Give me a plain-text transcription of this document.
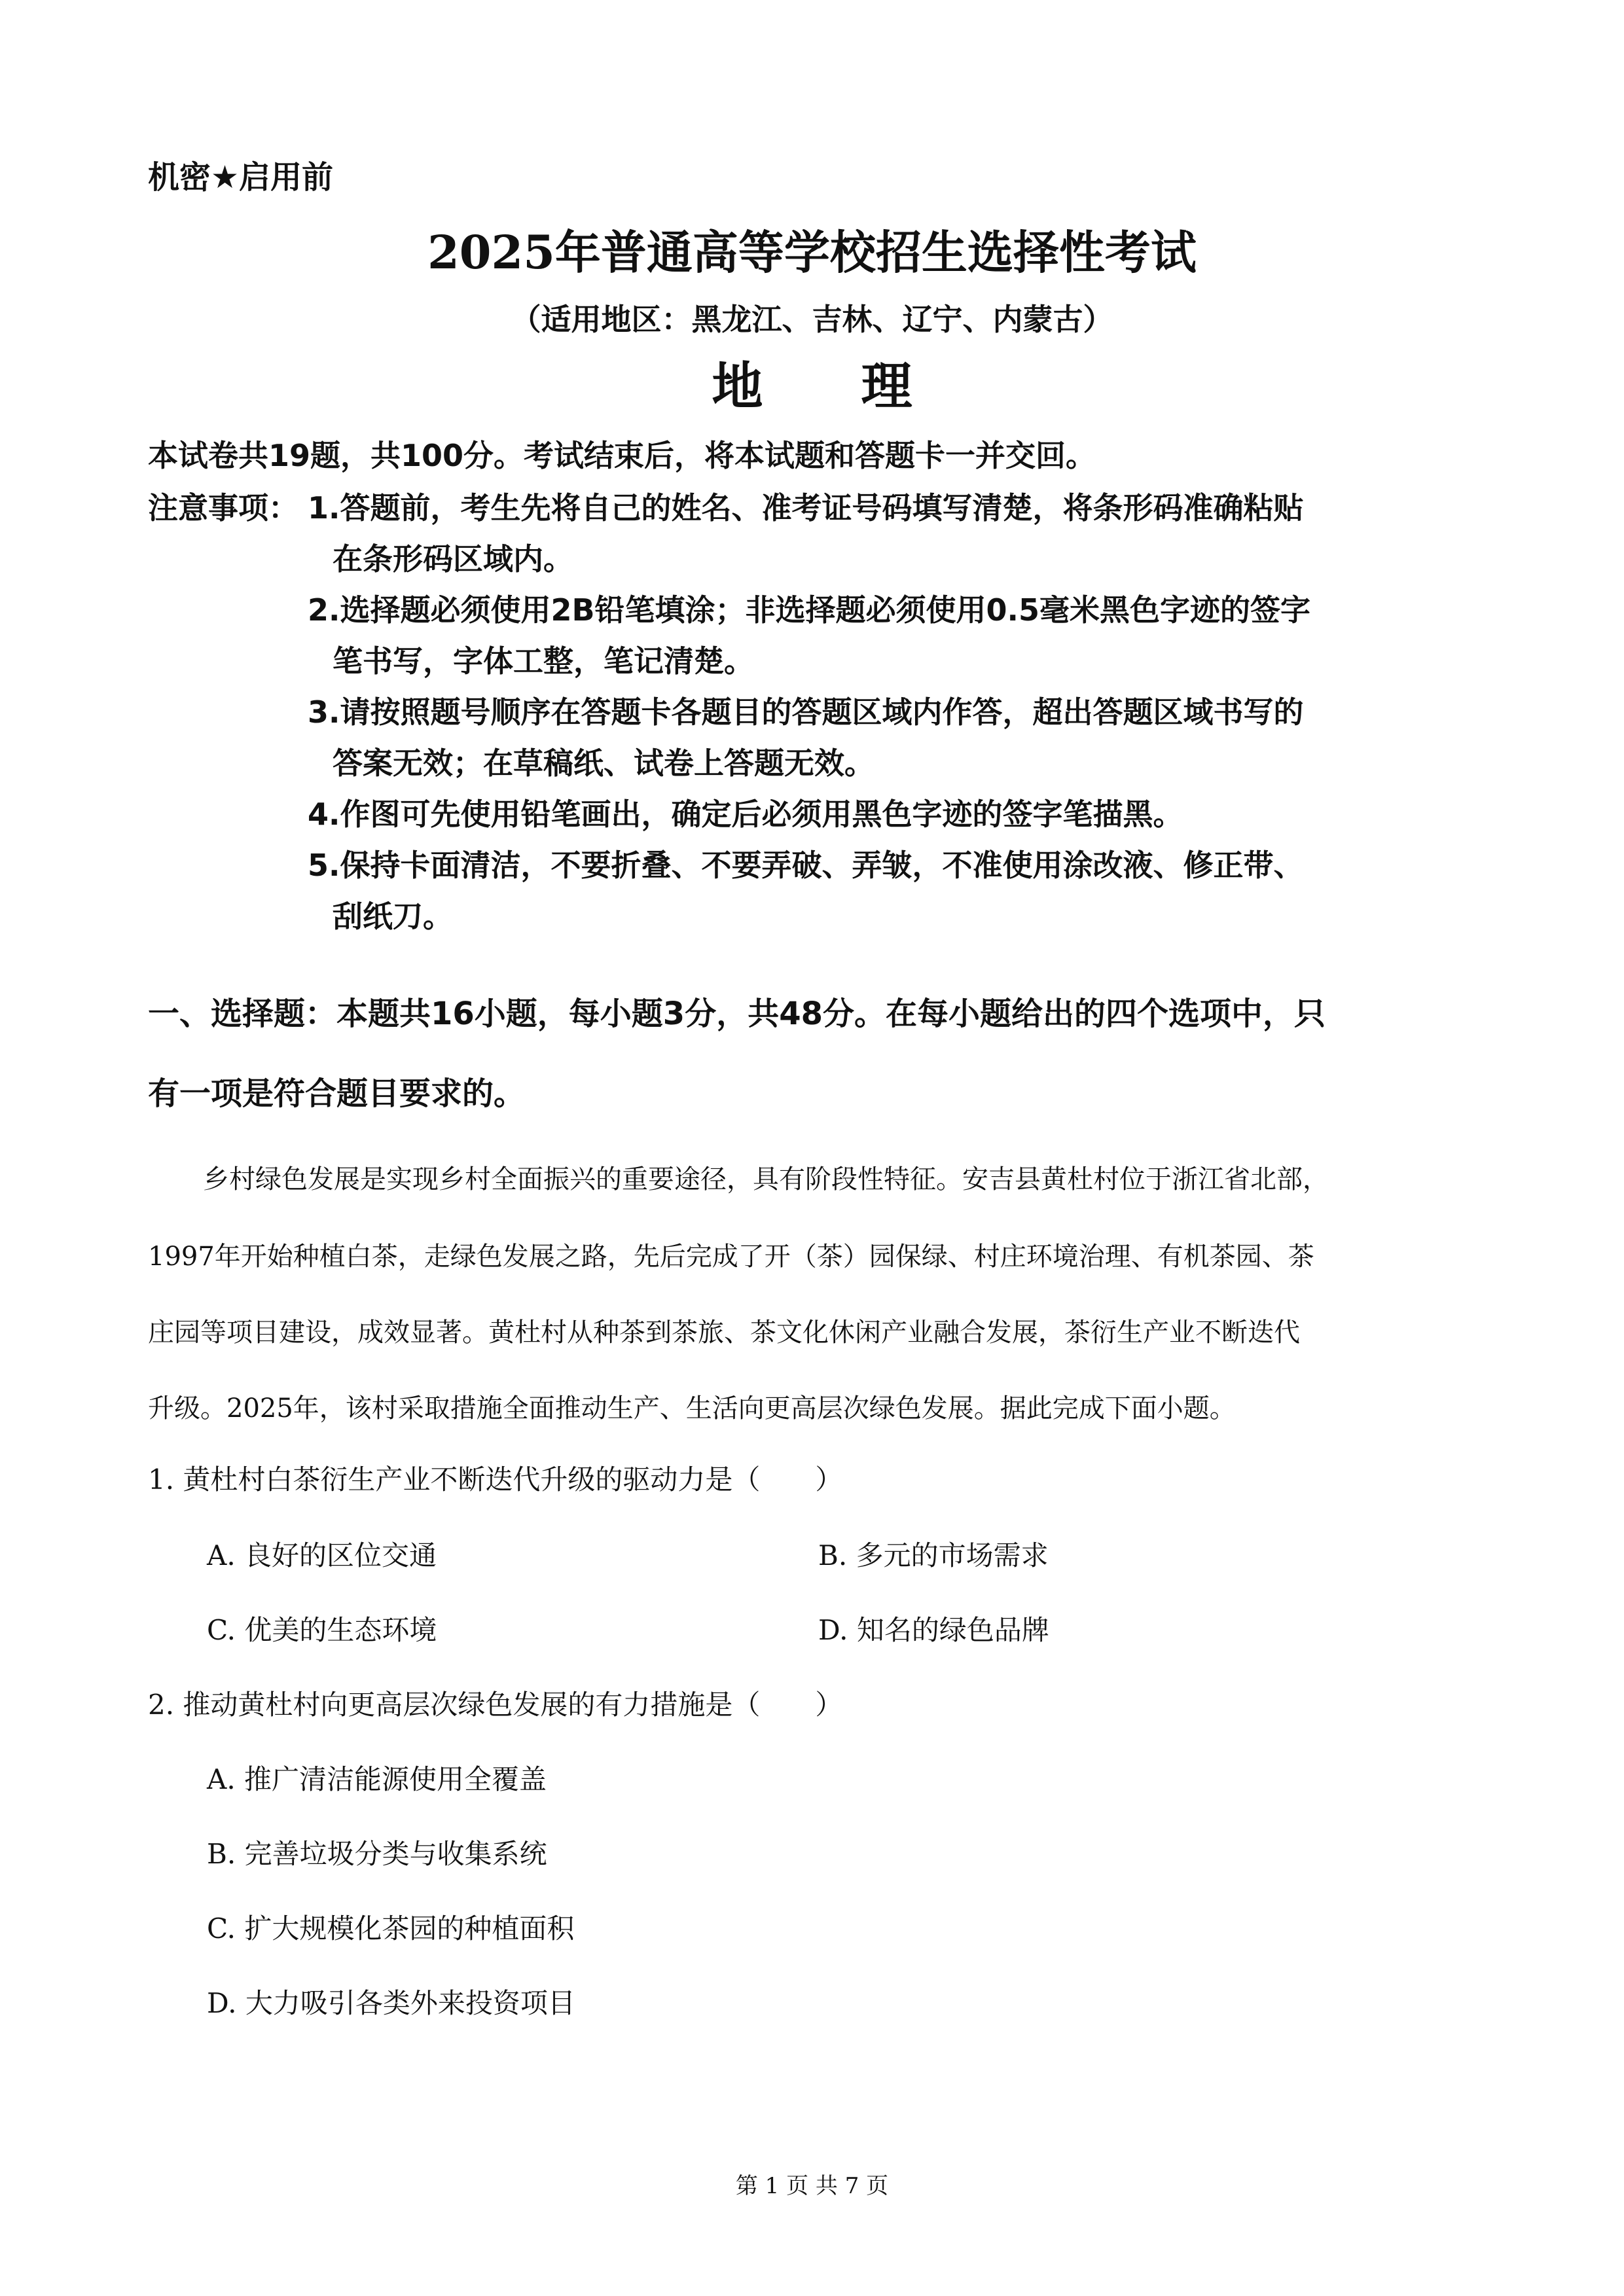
机密★启用前
2025年普通高等学校招生选择性考试
（适用地区：黑龙江、吉林、辽宁、内蒙古）
地 理
本试卷共19题，共100分。考试结束后，将本试题和答题卡一并交回。
注意事项： 1.答题前，考生先将自己的姓名、准考证号码填写清楚，将条形码准确粘贴
在条形码区域内。
2.选择题必须使用2B铅笔填涂；非选择题必须使用0.5毫米黑色字迹的签字
笔书写，字体工整，笔记清楚。
3.请按照题号顺序在答题卡各题目的答题区域内作答，超出答题区域书写的
答案无效；在草稿纸、试卷上答题无效。
4.作图可先使用铅笔画出，确定后必须用黑色字迹的签字笔描黑。
5.保持卡面清洁，不要折叠、不要弄破、弄皱，不准使用涂改液、修正带、
刮纸刀。
一、选择题：本题共16小题，每小题3分，共48分。在每小题给出的四个选项中，只
有一项是符合题目要求的。
乡村绿色发展是实现乡村全面振兴的重要途径，具有阶段性特征。安吉县黄杜村位于浙江省北部，
1997年开始种植白茶，走绿色发展之路，先后完成了开（茶）园保绿、村庄环境治理、有机茶园、茶
庄园等项目建设，成效显著。黄杜村从种茶到茶旅、茶文化休闲产业融合发展，茶衍生产业不断迭代
升级。2025年，该村采取措施全面推动生产、生活向更高层次绿色发展。据此完成下面小题。
1. 黄杜村白茶衍生产业不断迭代升级的驱动力是（　　）
A. 良好的区位交通	B. 多元的市场需求
C. 优美的生态环境	D. 知名的绿色品牌
2. 推动黄杜村向更高层次绿色发展的有力措施是（　　）
A. 推广清洁能源使用全覆盖
B. 完善垃圾分类与收集系统
C. 扩大规模化茶园的种植面积
D. 大力吸引各类外来投资项目
第 1 页 共 7 页
